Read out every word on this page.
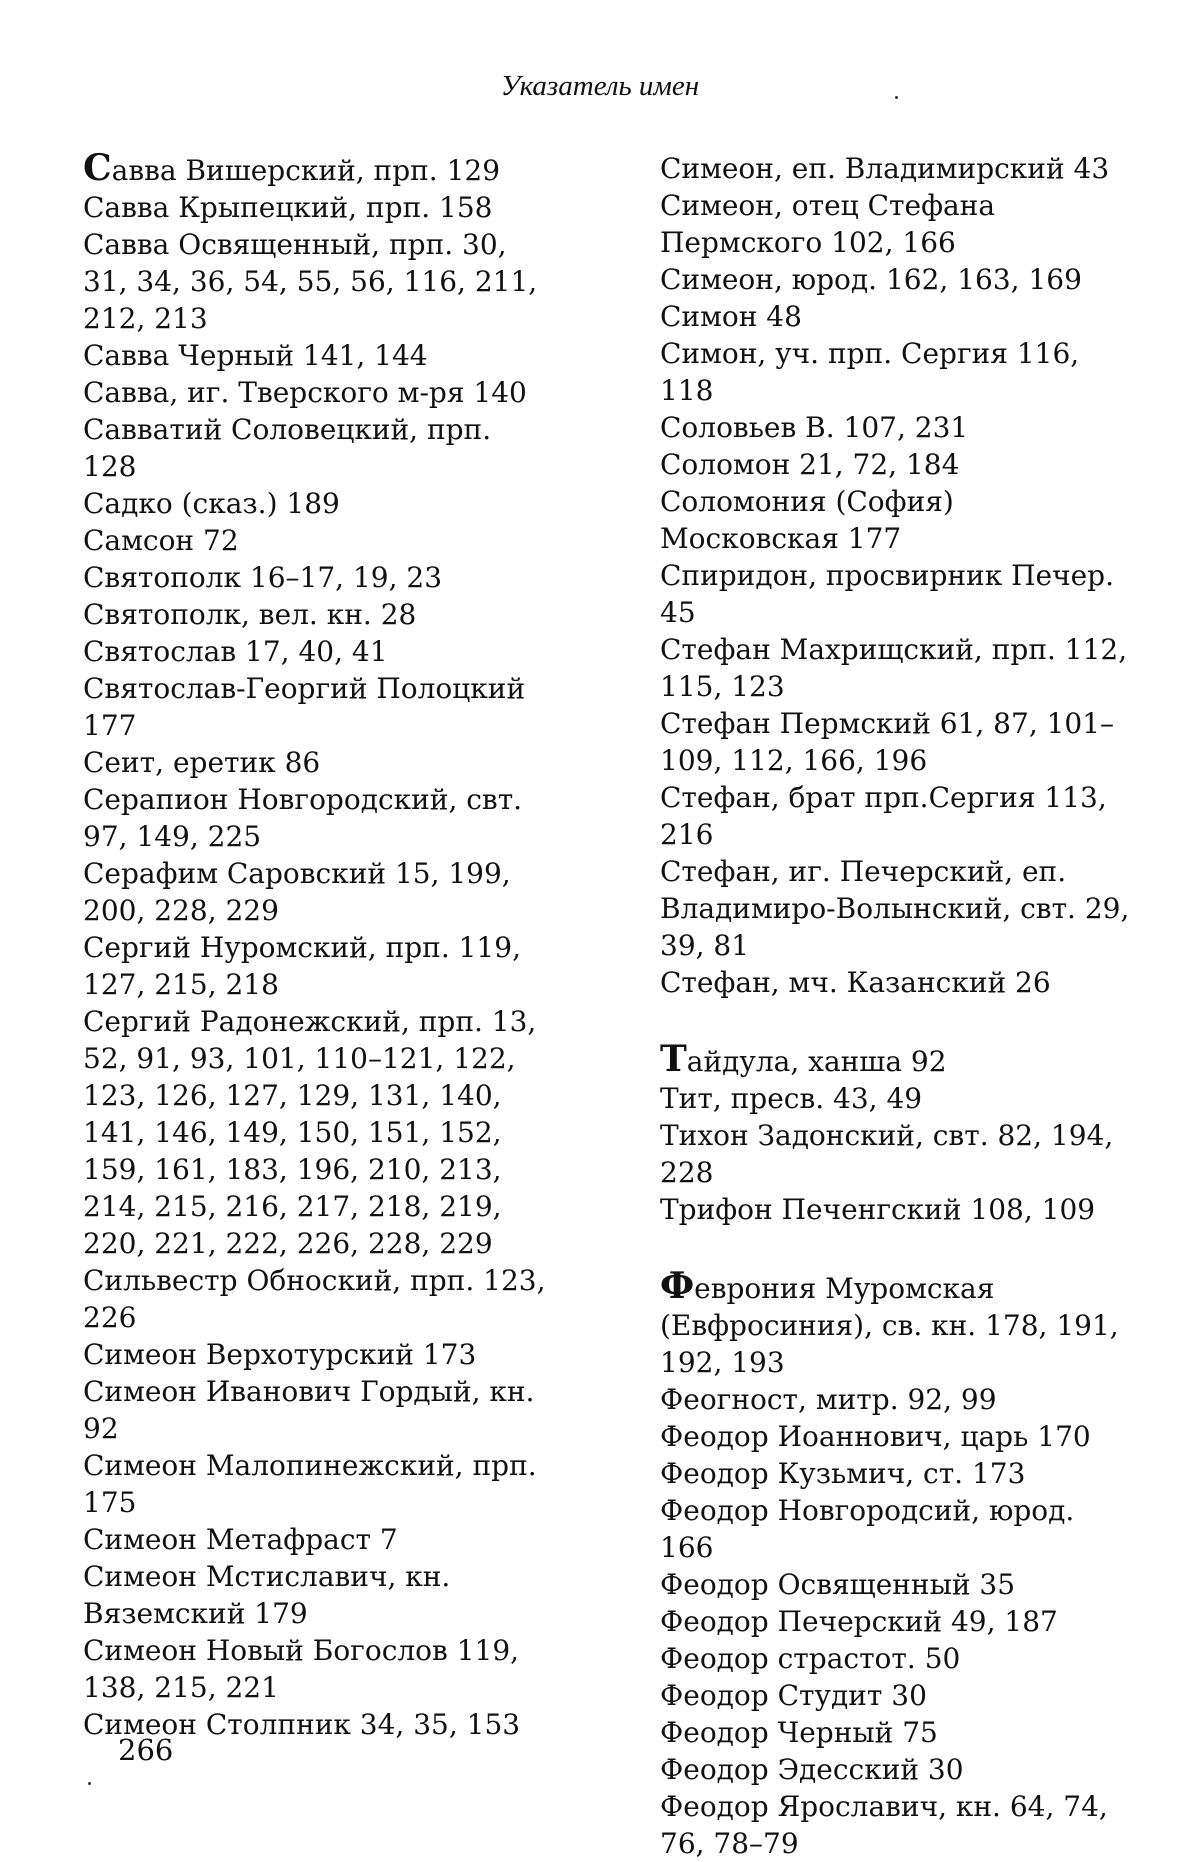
Указатель имен

Савва Вишерский, прп. 129

Савва Крыпецкий, прп. 158

Савва Освященный, прп. 30, 31, 34, 36, 54, 55, 56, 116, 211, 212, 213

Савва Черный 141, 144

Савва, иг. Тверского м-ря 140

Савватий Соловецкий, прп. 128

Садко (сказ.) 189

Самсон 72

Святополк 16–17, 19, 23

Святополк, вел. кн. 28

Святослав 17, 40, 41

Святослав-Георгий Полоцкий 177

Сеит, еретик 86

Серапион Новгородский, свт. 97, 149, 225

Серафим Саровский 15, 199, 200, 228, 229

Сергий Нуромский, прп. 119, 127, 215, 218

Сергий Радонежский, прп. 13, 52, 91, 93, 101, 110–121, 122, 123, 126, 127, 129, 131, 140, 141, 146, 149, 150, 151, 152, 159, 161, 183, 196, 210, 213, 214, 215, 216, 217, 218, 219, 220, 221, 222, 226, 228, 229

Сильвестр Обноский, прп. 123, 226

Симеон Верхотурский 173

Симеон Иванович Гордый, кн. 92

Симеон Малопинежский, прп. 175

Симеон Метафраст 7

Симеон Мстиславич, кн. Вяземский 179

Симеон Новый Богослов 119, 138, 215, 221

Симеон Столпник 34, 35, 153

Симеон, еп. Владимирский 43

Симеон, отец Стефана Пермского 102, 166

Симеон, юрод. 162, 163, 169

Симон 48

Симон, уч. прп. Сергия 116, 118

Соловьев В. 107, 231

Соломон 21, 72, 184

Соломония (София) Московская 177

Спиридон, просвирник Печер. 45

Стефан Махрищский, прп. 112, 115, 123

Стефан Пермский 61, 87, 101–109, 112, 166, 196

Стефан, брат прп.Сергия 113, 216

Стефан, иг. Печерский, еп. Владимиро-Волынский, свт. 29, 39, 81

Стефан, мч. Казанский 26

Тайдула, ханша 92

Тит, пресв. 43, 49

Тихон Задонский, свт. 82, 194, 228

Трифон Печенгский 108, 109

Феврония Муромская (Евфросиния), св. кн. 178, 191, 192, 193

Феогност, митр. 92, 99

Феодор Иоаннович, царь 170

Феодор Кузьмич, ст. 173

Феодор Новгородсий, юрод. 166

Феодор Освященный 35

Феодор Печерский 49, 187

Феодор страстот. 50

Феодор Студит 30

Феодор Черный 75

Феодор Эдесский 30

Феодор Ярославич, кн. 64, 74, 76, 78–79

266
